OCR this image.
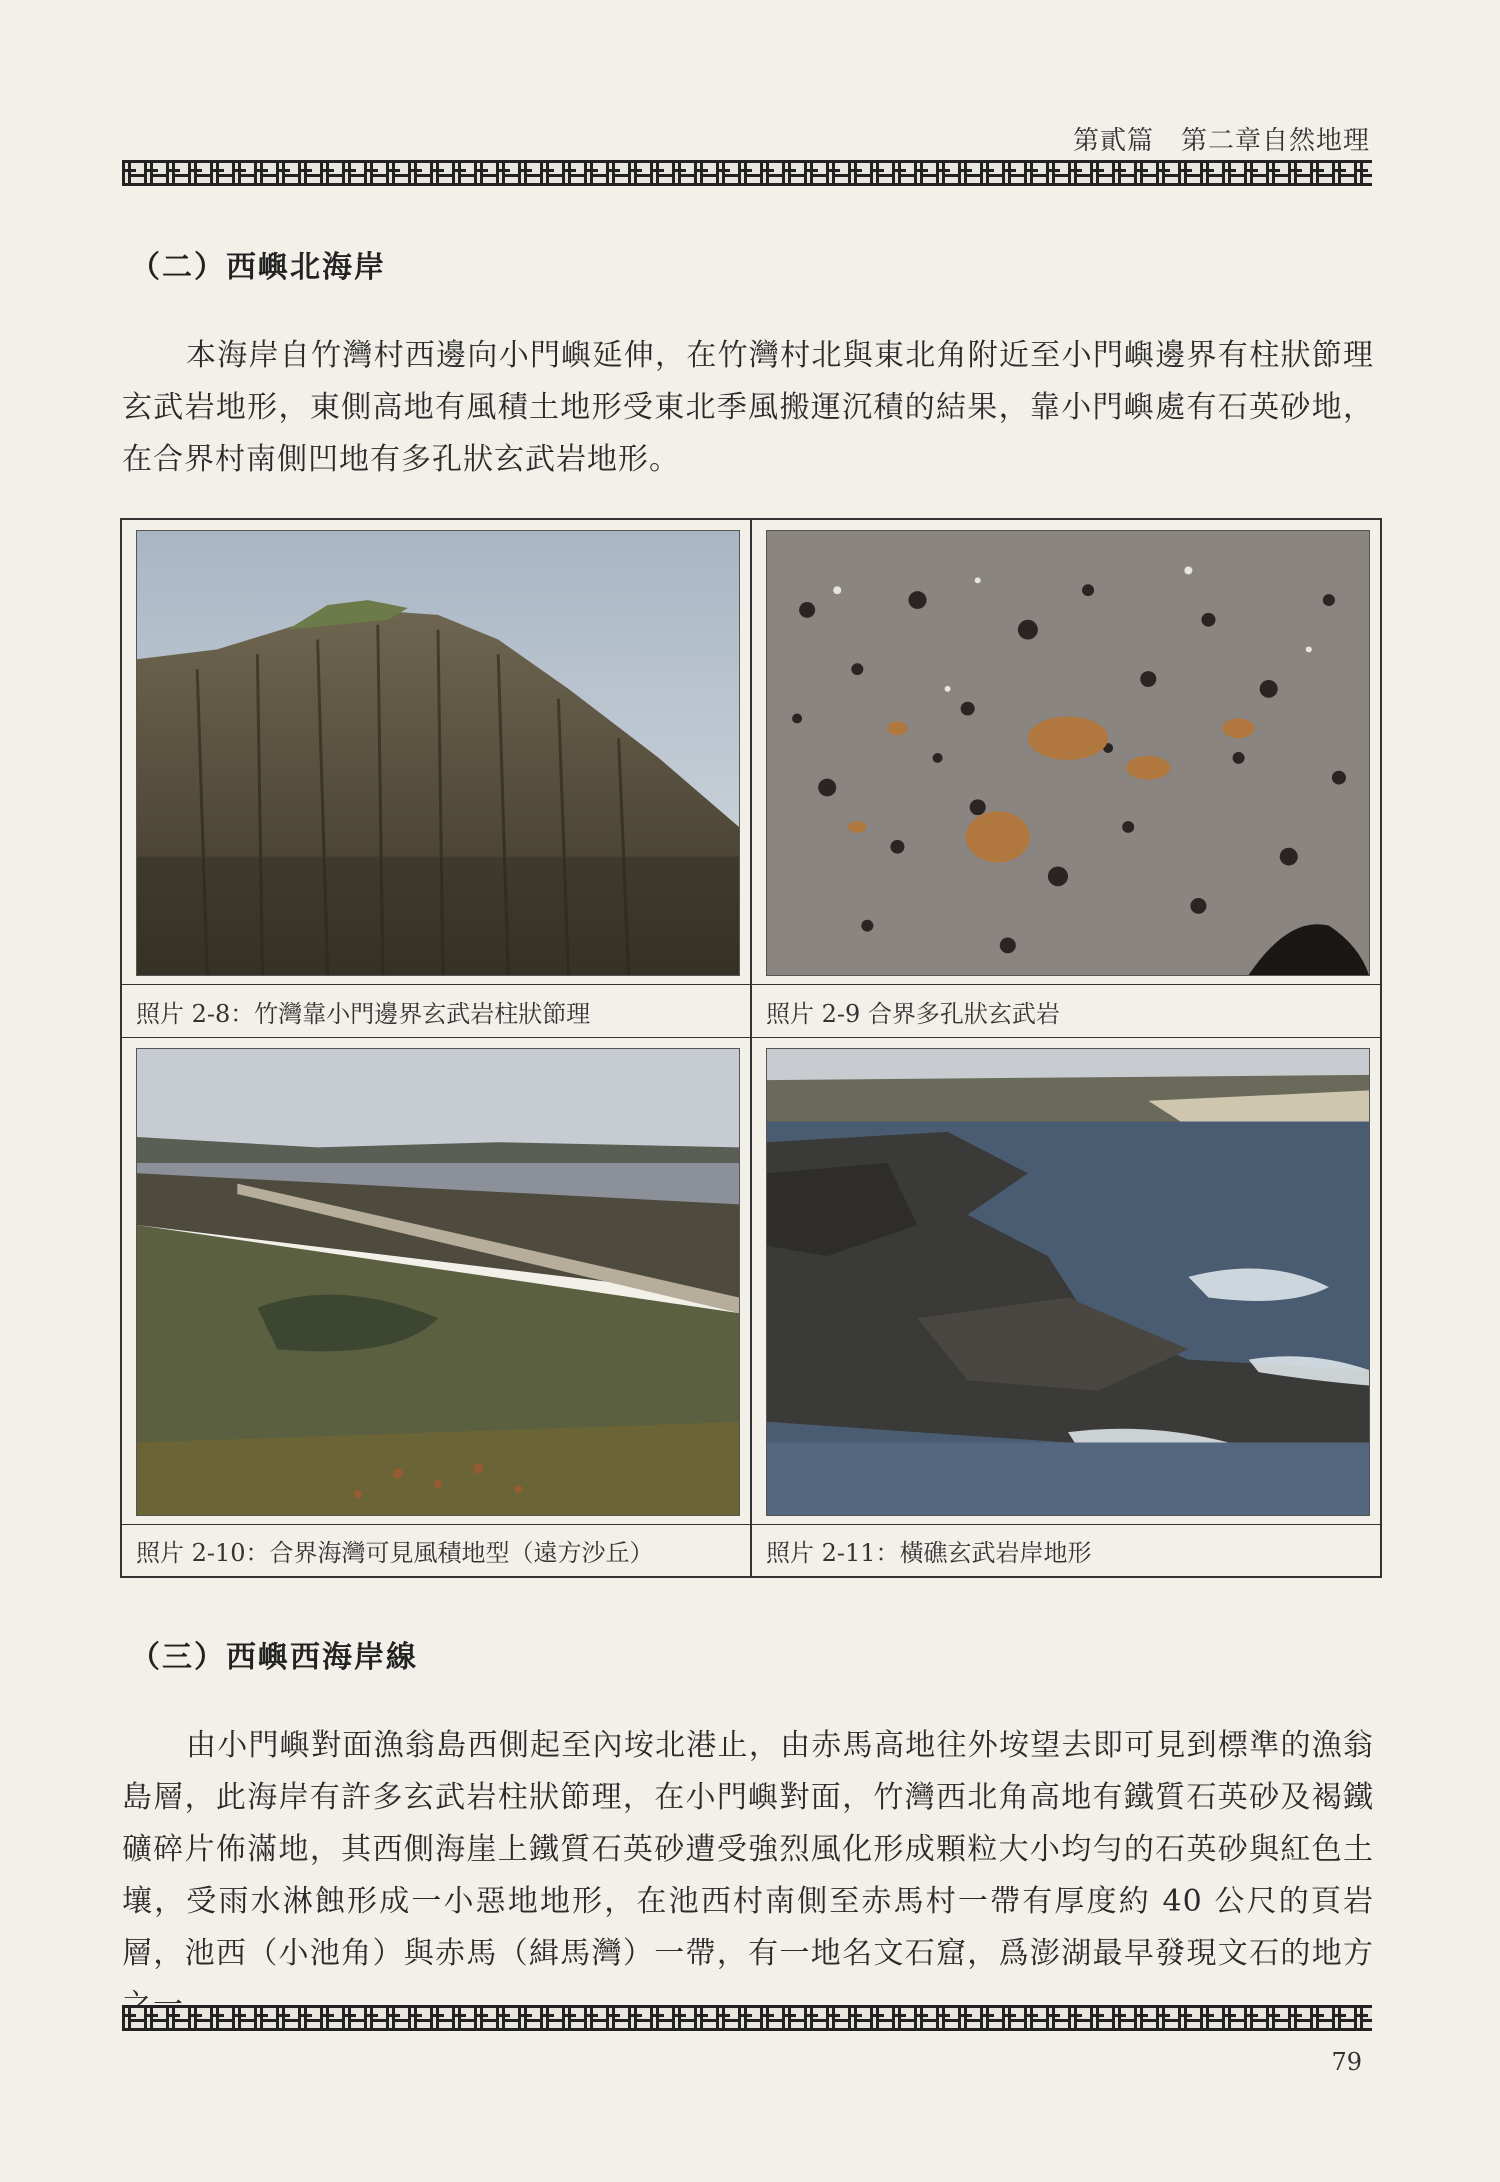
第貳篇　第二章自然地理
（二）西嶼北海岸

本海岸自竹灣村西邊向小門嶼延伸，在竹灣村北與東北角附近至小門嶼邊界有柱狀節理玄武岩地形，東側高地有風積土地形受東北季風搬運沉積的結果，靠小門嶼處有石英砂地，在合界村南側凹地有多孔狀玄武岩地形。

照片 2-8：竹灣靠小門邊界玄武岩柱狀節理	照片 2-9 合界多孔狀玄武岩
照片 2-10：合界海灣可見風積地型（遠方沙丘）	照片 2-11：橫礁玄武岩岸地形
（三）西嶼西海岸線

由小門嶼對面漁翁島西側起至內垵北港止，由赤馬高地往外垵望去即可見到標準的漁翁島層，此海岸有許多玄武岩柱狀節理，在小門嶼對面，竹灣西北角高地有鐵質石英砂及褐鐵礦碎片佈滿地，其西側海崖上鐵質石英砂遭受強烈風化形成顆粒大小均勻的石英砂與紅色土壤，受雨水淋蝕形成一小惡地地形，在池西村南側至赤馬村一帶有厚度約 40 公尺的頁岩層，池西（小池角）與赤馬（緝馬灣）一帶，有一地名文石窟，爲澎湖最早發現文石的地方

79
